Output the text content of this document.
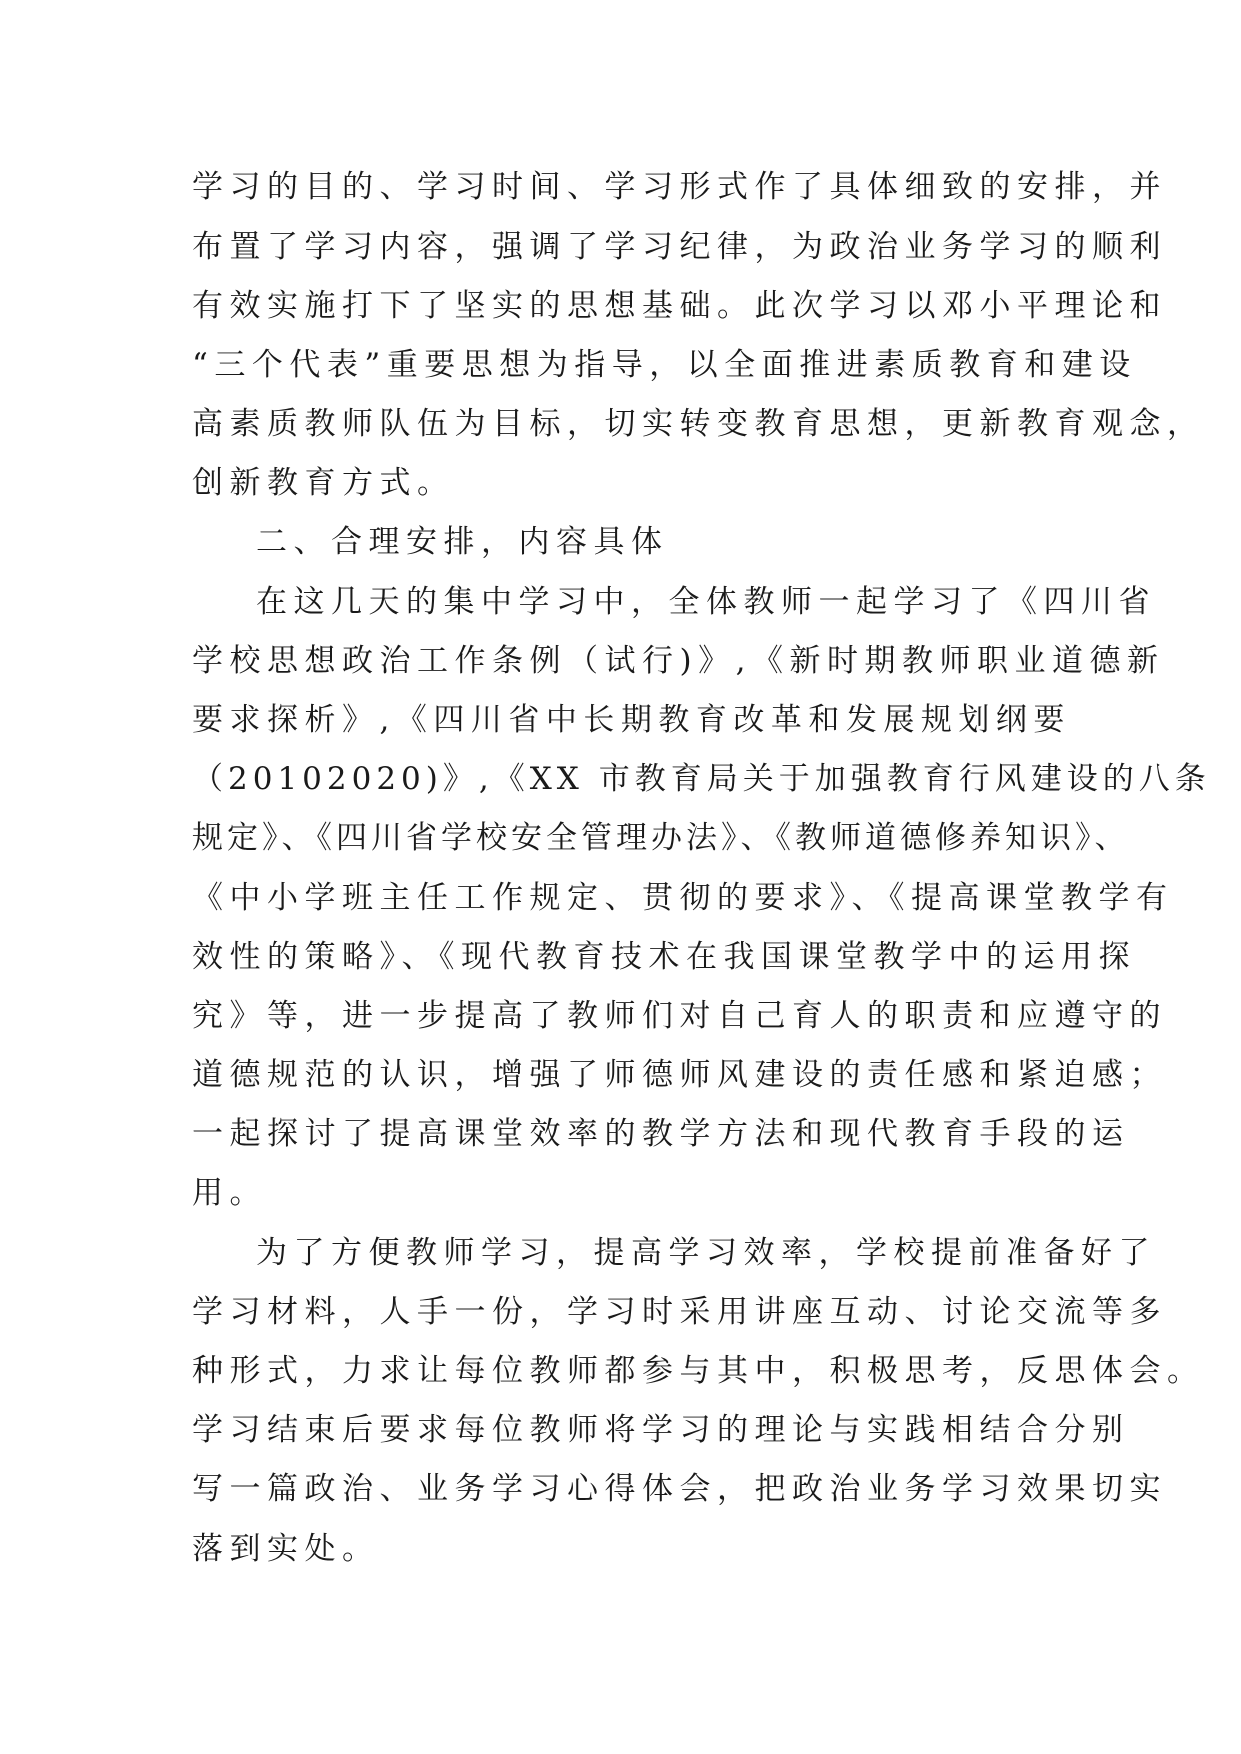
学习的目的、学习时间、学习形式作了具体细致的安排，并
布置了学习内容，强调了学习纪律，为政治业务学习的顺利
有效实施打下了坚实的思想基础。此次学习以邓小平理论和
“三个代表”重要思想为指导，以全面推进素质教育和建设
高素质教师队伍为目标，切实转变教育思想，更新教育观念，
创新教育方式。
二、合理安排，内容具体
在这几天的集中学习中，全体教师一起学习了《四川省
学校思想政治工作条例（试行)》,《新时期教师职业道德新
要求探析》,《四川省中长期教育改革和发展规划纲要
（20102020)》,《XX 市教育局关于加强教育行风建设的八条
规定》、《四川省学校安全管理办法》、《教师道德修养知识》、
《中小学班主任工作规定、贯彻的要求》、《提高课堂教学有
效性的策略》、《现代教育技术在我国课堂教学中的运用探
究》等，进一步提高了教师们对自己育人的职责和应遵守的
道德规范的认识，增强了师德师风建设的责任感和紧迫感；
一起探讨了提高课堂效率的教学方法和现代教育手段的运
用。
为了方便教师学习，提高学习效率，学校提前准备好了
学习材料，人手一份，学习时采用讲座互动、讨论交流等多
种形式，力求让每位教师都参与其中，积极思考，反思体会。
学习结束后要求每位教师将学习的理论与实践相结合分别
写一篇政治、业务学习心得体会，把政治业务学习效果切实
落到实处。
